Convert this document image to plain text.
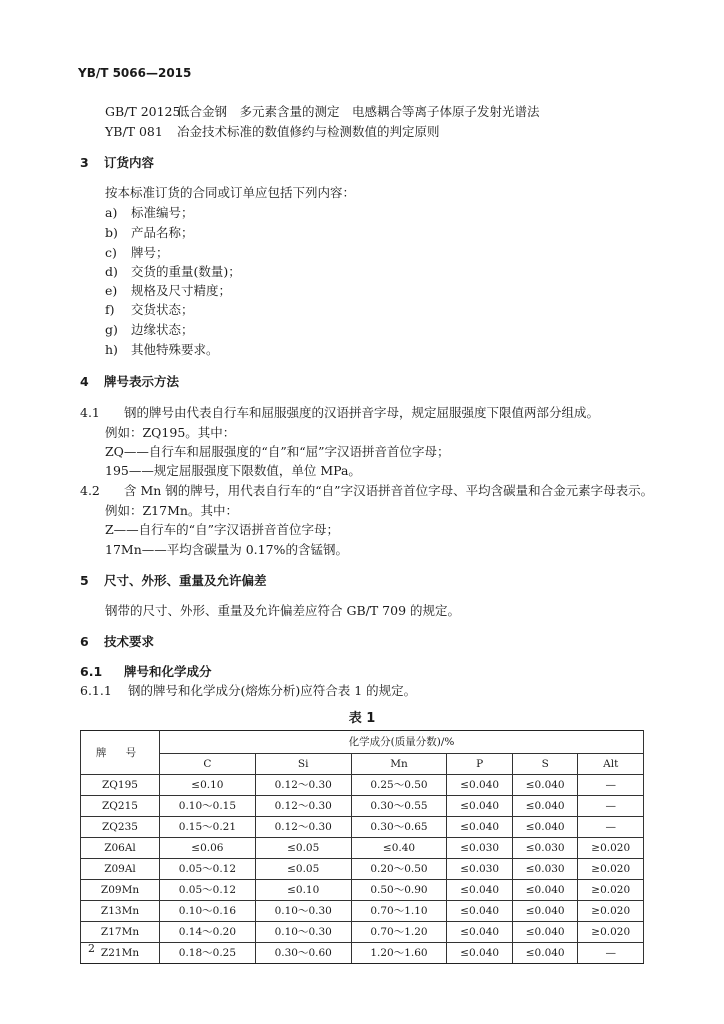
YB/T 5066—2015
GB/T 20125 低合金钢　多元素含量的测定　电感耦合等离子体原子发射光谱法
YB/T 081 冶金技术标准的数值修约与检测数值的判定原则
3 订货内容
按本标准订货的合同或订单应包括下列内容：
a) 标准编号；
b) 产品名称；
c) 牌号；
d) 交货的重量(数量)；
e) 规格及尺寸精度；
f) 交货状态；
g) 边缘状态；
h) 其他特殊要求。
4 牌号表示方法
4.1 钢的牌号由代表自行车和屈服强度的汉语拼音字母，规定屈服强度下限值两部分组成。
例如：ZQ195。其中：
ZQ——自行车和屈服强度的“自”和“屈”字汉语拼音首位字母；
195——规定屈服强度下限数值，单位 MPa。
4.2 含 Mn 钢的牌号，用代表自行车的“自”字汉语拼音首位字母、平均含碳量和合金元素字母表示。
例如：Z17Mn。其中：
Z——自行车的“自”字汉语拼音首位字母；
17Mn——平均含碳量为 0.17%的含锰钢。
5 尺寸、外形、重量及允许偏差
钢带的尺寸、外形、重量及允许偏差应符合 GB/T 709 的规定。
6 技术要求
6.1 牌号和化学成分
6.1.1 钢的牌号和化学成分(熔炼分析)应符合表 1 的规定。
表 1
牌 号	化学成分(质量分数)/%					
	C	Si	Mn	P	S	Alt
ZQ195	≤0.10	0.12～0.30	0.25～0.50	≤0.040	≤0.040	—
ZQ215	0.10～0.15	0.12～0.30	0.30～0.55	≤0.040	≤0.040	—
ZQ235	0.15～0.21	0.12～0.30	0.30～0.65	≤0.040	≤0.040	—
Z06Al	≤0.06	≤0.05	≤0.40	≤0.030	≤0.030	≥0.020
Z09Al	0.05～0.12	≤0.05	0.20～0.50	≤0.030	≤0.030	≥0.020
Z09Mn	0.05～0.12	≤0.10	0.50～0.90	≤0.040	≤0.040	≥0.020
Z13Mn	0.10～0.16	0.10～0.30	0.70～1.10	≤0.040	≤0.040	≥0.020
Z17Mn	0.14～0.20	0.10～0.30	0.70～1.20	≤0.040	≤0.040	≥0.020
Z21Mn	0.18～0.25	0.30～0.60	1.20～1.60	≤0.040	≤0.040	—
2
